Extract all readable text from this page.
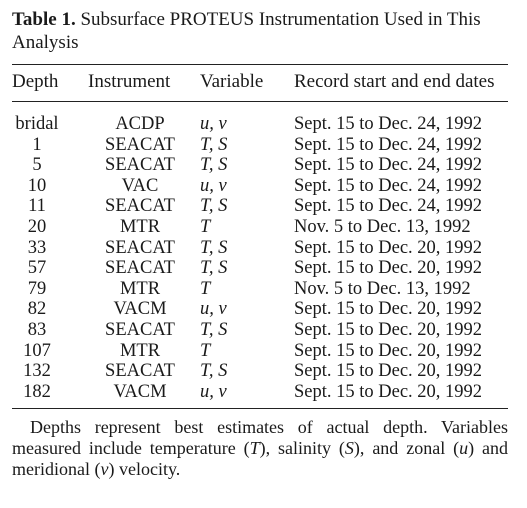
Table 1. Subsurface PROTEUS Instrumentation Used in This Analysis

Depth Instrument Variable Record start and end dates
bridal	ACDP	u, v	Sept. 15 to Dec. 24, 1992
1	SEACAT	T, S	Sept. 15 to Dec. 24, 1992
5	SEACAT	T, S	Sept. 15 to Dec. 24, 1992
10	VAC	u, v	Sept. 15 to Dec. 24, 1992
11	SEACAT	T, S	Sept. 15 to Dec. 24, 1992
20	MTR	T	Nov. 5 to Dec. 13, 1992
33	SEACAT	T, S	Sept. 15 to Dec. 20, 1992
57	SEACAT	T, S	Sept. 15 to Dec. 20, 1992
79	MTR	T	Nov. 5 to Dec. 13, 1992
82	VACM	u, v	Sept. 15 to Dec. 20, 1992
83	SEACAT	T, S	Sept. 15 to Dec. 20, 1992
107	MTR	T	Sept. 15 to Dec. 20, 1992
132	SEACAT	T, S	Sept. 15 to Dec. 20, 1992
182	VACM	u, v	Sept. 15 to Dec. 20, 1992

Depths represent best estimates of actual depth. Variables measured include temperature (T), salinity (S), and zonal (u) and meridional (v) velocity.
